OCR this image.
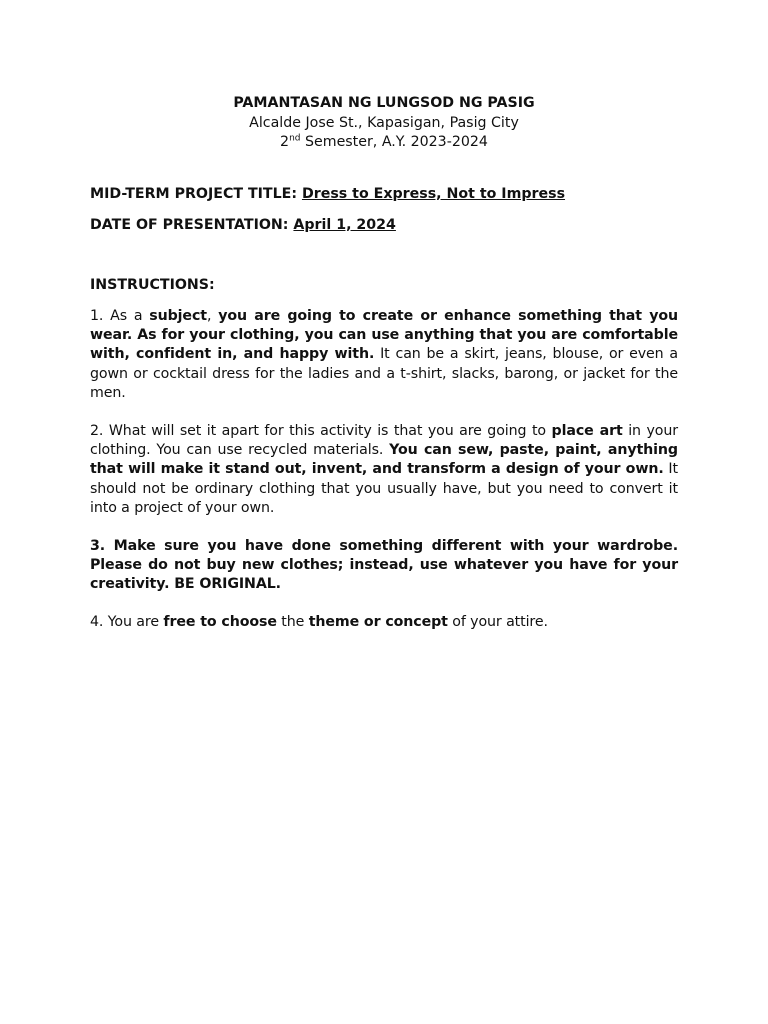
PAMANTASAN NG LUNGSOD NG PASIG
Alcalde Jose St., Kapasigan, Pasig City
2nd Semester, A.Y. 2023-2024

MID-TERM PROJECT TITLE: Dress to Express, Not to Impress

DATE OF PRESENTATION: April 1, 2024

INSTRUCTIONS:

1. As a subject, you are going to create or enhance something that you wear. As for your clothing, you can use anything that you are comfortable with, confident in, and happy with. It can be a skirt, jeans, blouse, or even a gown or cocktail dress for the ladies and a t-shirt, slacks, barong, or jacket for the men.

2. What will set it apart for this activity is that you are going to place art in your clothing. You can use recycled materials. You can sew, paste, paint, anything that will make it stand out, invent, and transform a design of your own. It should not be ordinary clothing that you usually have, but you need to convert it into a project of your own.

3. Make sure you have done something different with your wardrobe. Please do not buy new clothes; instead, use whatever you have for your creativity. BE ORIGINAL.

4. You are free to choose the theme or concept of your attire.
